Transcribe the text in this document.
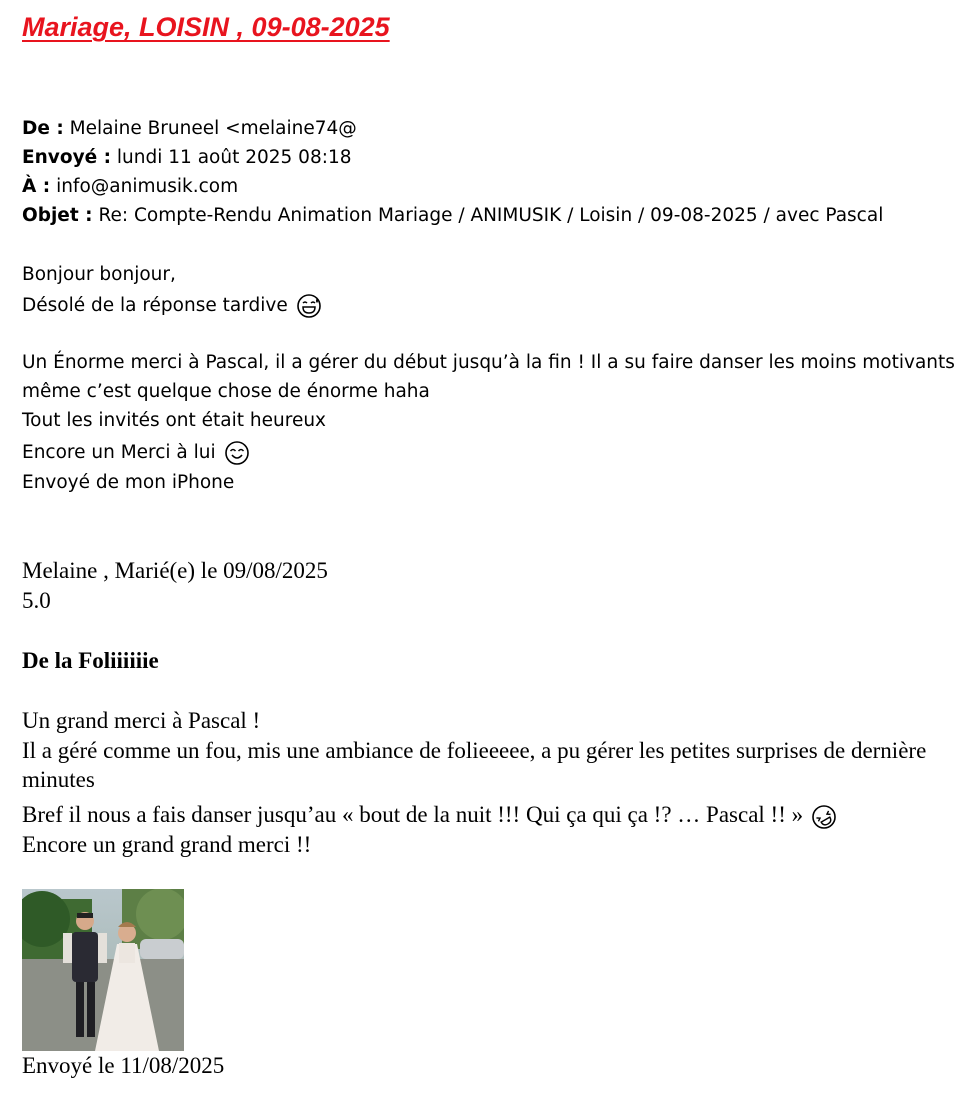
Mariage, LOISIN , 09-08-2025
De : Melaine Bruneel <melaine74@
Envoyé : lundi 11 août 2025 08:18
À : info@animusik.com
Objet : Re: Compte-Rendu Animation Mariage / ANIMUSIK / Loisin / 09-08-2025 / avec Pascal
Bonjour bonjour,
Désolé de la réponse tardive
Un Énorme merci à Pascal, il a gérer du début jusqu’à la fin ! Il a su faire danser les moins motivants
même c’est quelque chose de énorme haha
Tout les invités ont était heureux
Encore un Merci à lui
Envoyé de mon iPhone
Melaine , Marié(e) le 09/08/2025
5.0
De la Foliiiiiie
Un grand merci à Pascal !
Il a géré comme un fou, mis une ambiance de folieeeee, a pu gérer les petites surprises de dernière minutes
Bref il nous a fais danser jusqu’au « bout de la nuit !!! Qui ça qui ça !? … Pascal !! »
Encore un grand grand merci !!
Envoyé le 11/08/2025
